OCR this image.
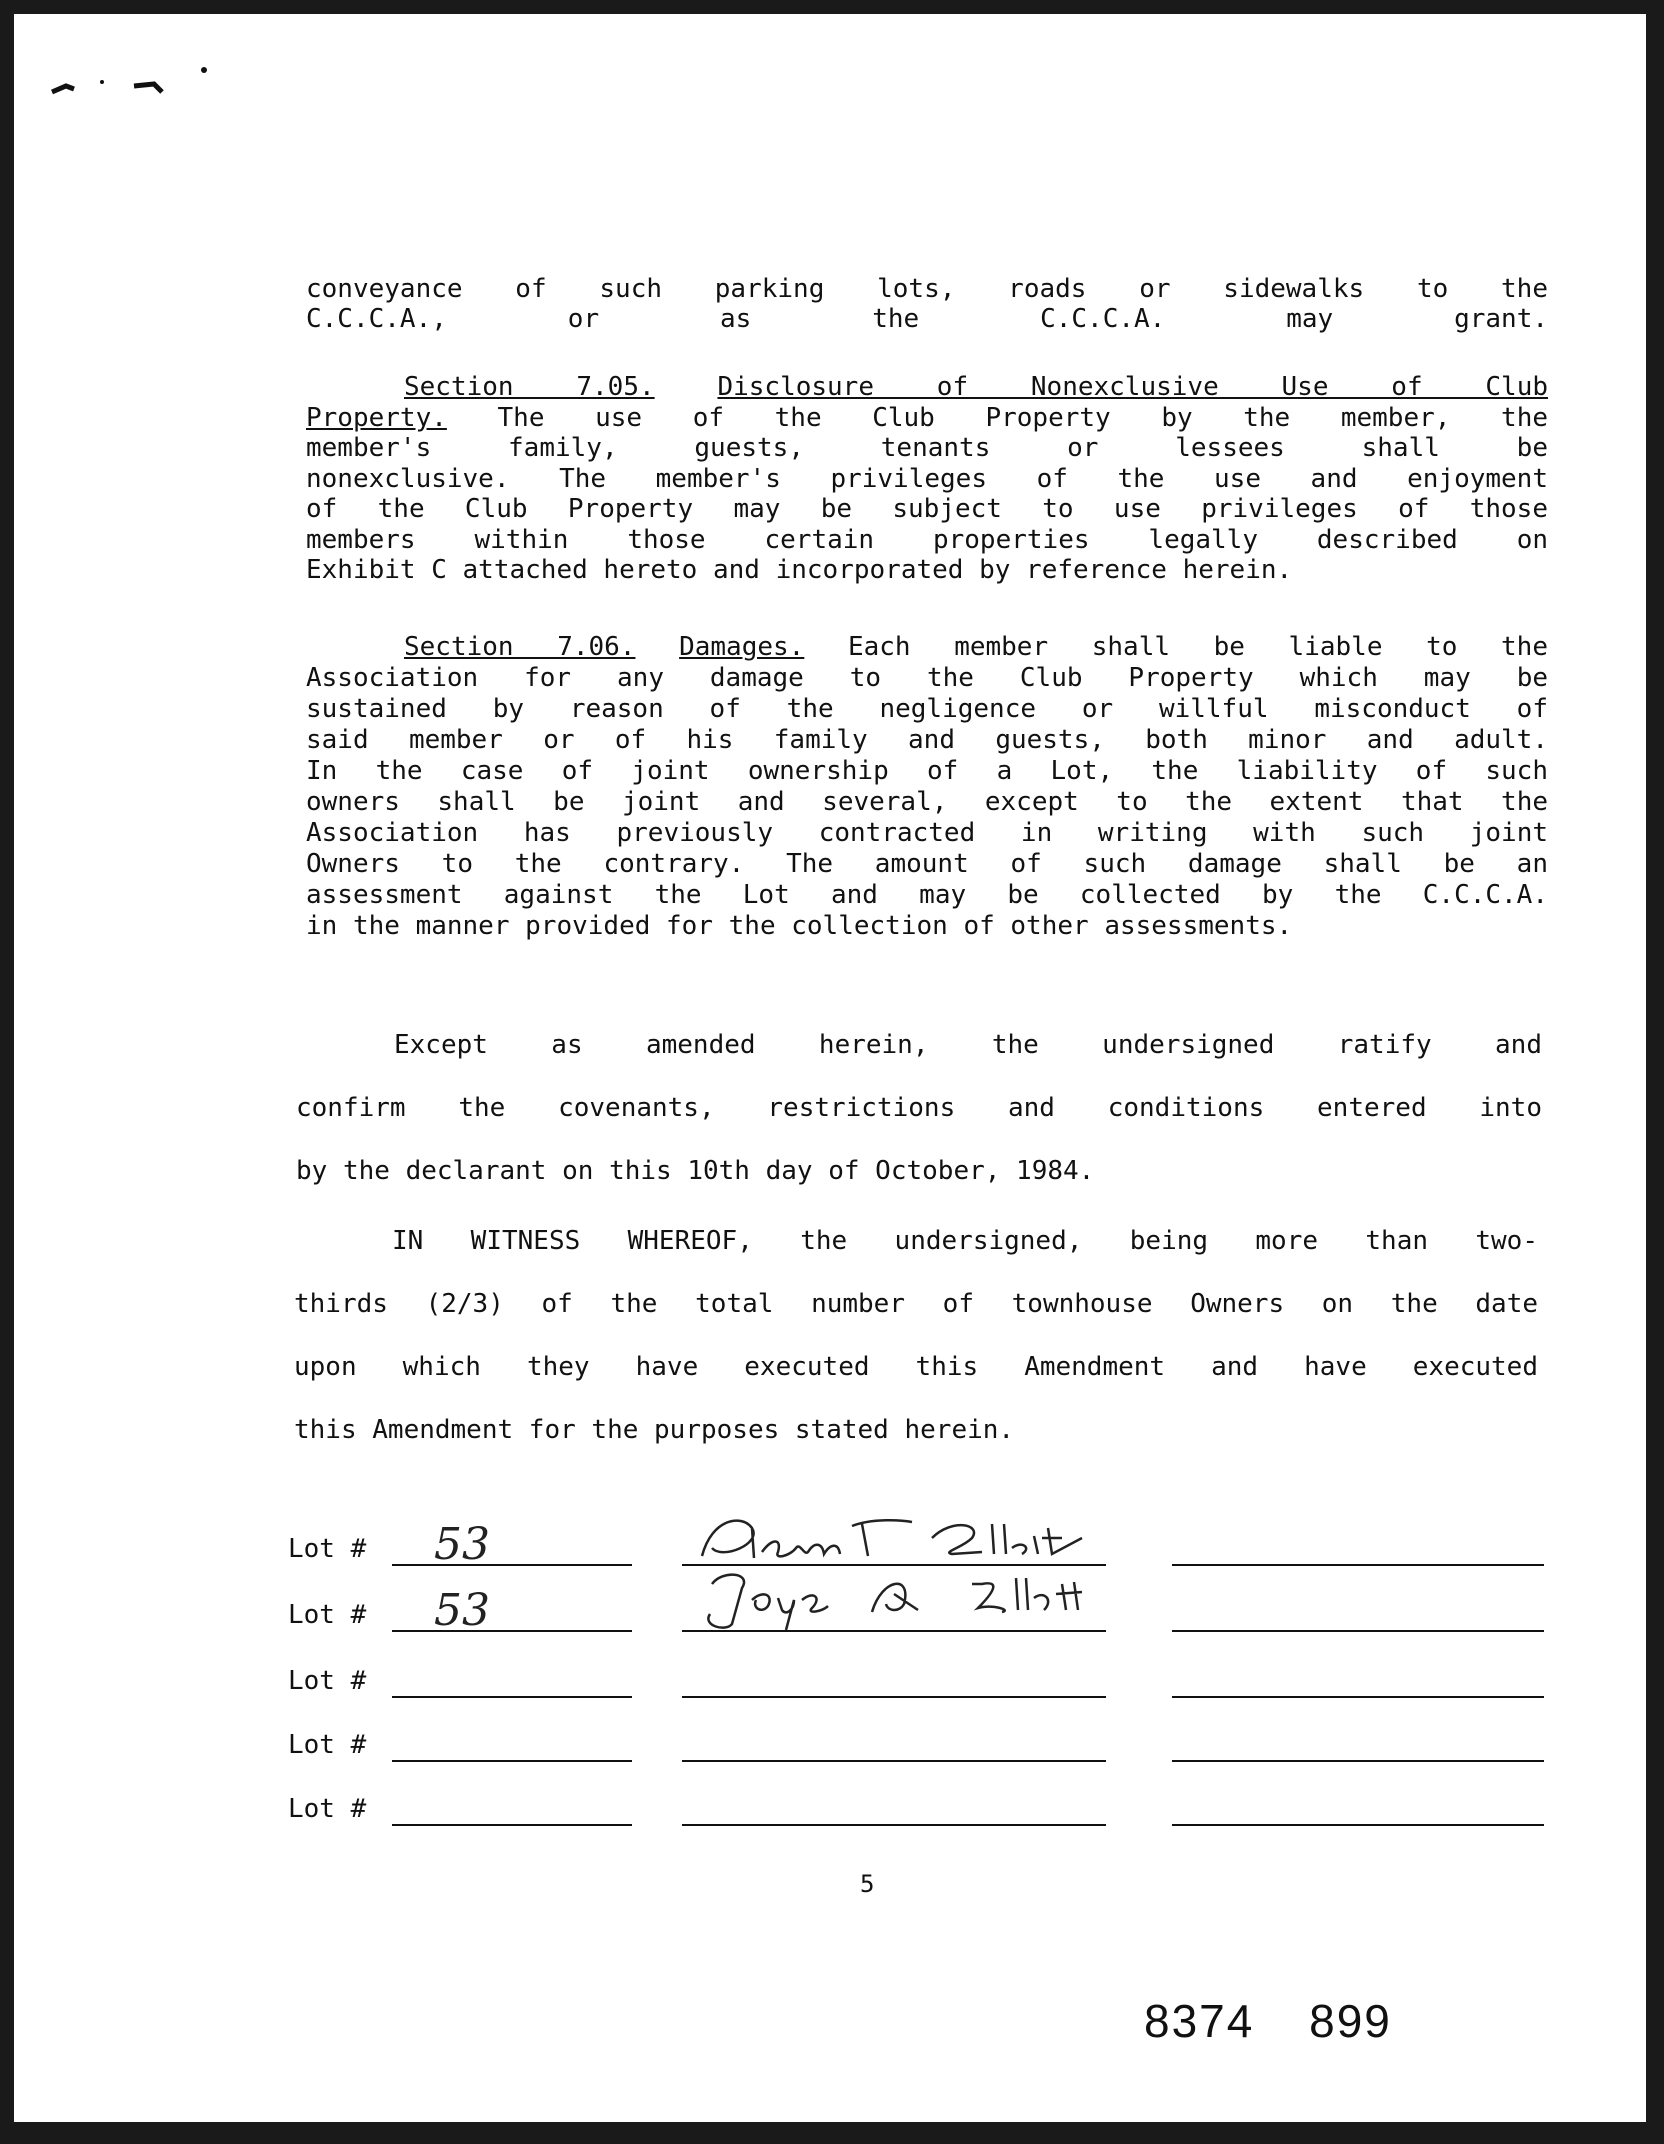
conveyance of such parking lots, roads or sidewalks to the
C.C.C.A., or as the C.C.C.A. may grant.
Section 7.05. Disclosure of Nonexclusive Use of Club
Property. The use of the Club Property by the member, the
member's family, guests, tenants or lessees shall be
nonexclusive. The member's privileges of the use and enjoyment
of the Club Property may be subject to use privileges of those
members within those certain properties legally described on
Exhibit C attached hereto and incorporated by reference herein.
Section 7.06. Damages. Each member shall be liable to the
Association for any damage to the Club Property which may be
sustained by reason of the negligence or willful misconduct of
said member or of his family and guests, both minor and adult.
In the case of joint ownership of a Lot, the liability of such
owners shall be joint and several, except to the extent that the
Association has previously contracted in writing with such joint
Owners to the contrary. The amount of such damage shall be an
assessment against the Lot and may be collected by the C.C.C.A.
in the manner provided for the collection of other assessments.
Except as amended herein, the undersigned ratify and
confirm the covenants, restrictions and conditions entered into
by the declarant on this 10th day of October, 1984.
IN WITNESS WHEREOF, the undersigned, being more than two-
thirds (2/3) of the total number of townhouse Owners on the date
upon which they have executed this Amendment and have executed
this Amendment for the purposes stated herein.
Lot # 53
Lot # 53
Lot #
Lot #
Lot #
5
8374 899
